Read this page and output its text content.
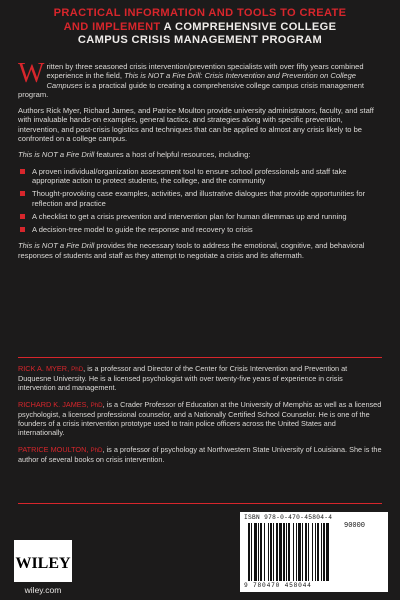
PRACTICAL INFORMATION AND TOOLS TO CREATE
AND IMPLEMENT A COMPREHENSIVE COLLEGE
CAMPUS CRISIS MANAGEMENT PROGRAM

Written by three seasoned crisis intervention/prevention specialists with over fifty years combined experience in the field, This is NOT a Fire Drill: Crisis Intervention and Prevention on College Campuses is a practical guide to creating a comprehensive college campus crisis management program.

Authors Rick Myer, Richard James, and Patrice Moulton provide university administrators, faculty, and staff with invaluable hands-on examples, general tactics, and strategies along with specific prevention, intervention, and post-crisis logistics and techniques that can be applied to almost any crisis likely to be confronted on a college campus.

This is NOT a Fire Drill features a host of helpful resources, including:

A proven individual/organization assessment tool to ensure school professionals and staff take appropriate action to protect students, the college, and the community
Thought-provoking case examples, activities, and illustrative dialogues that provide opportunities for reflection and practice
A checklist to get a crisis prevention and intervention plan for human dilemmas up and running
A decision-tree model to guide the response and recovery to crisis

This is NOT a Fire Drill provides the necessary tools to address the emotional, cognitive, and behavioral responses of students and staff as they attempt to negotiate a crisis and its aftermath.

RICK A. MYER, PhD, is a professor and Director of the Center for Crisis Intervention and Prevention at Duquesne University. He is a licensed psychologist with over twenty-five years of experience in crisis intervention and management.

RICHARD K. JAMES, PhD, is a Crader Professor of Education at the University of Memphis as well as a licensed psychologist, a licensed professional counselor, and a Nationally Certified School Counselor. He is one of the founders of a crisis intervention prototype used to train police officers across the United States and internationally.

PATRICE MOULTON, PhD, is a professor of psychology at Northwestern State University of Louisiana. She is the author of several books on crisis intervention.

WILEY
wiley.com
ISBN 978-0-470-45804-4
90000
9 780470 458044
